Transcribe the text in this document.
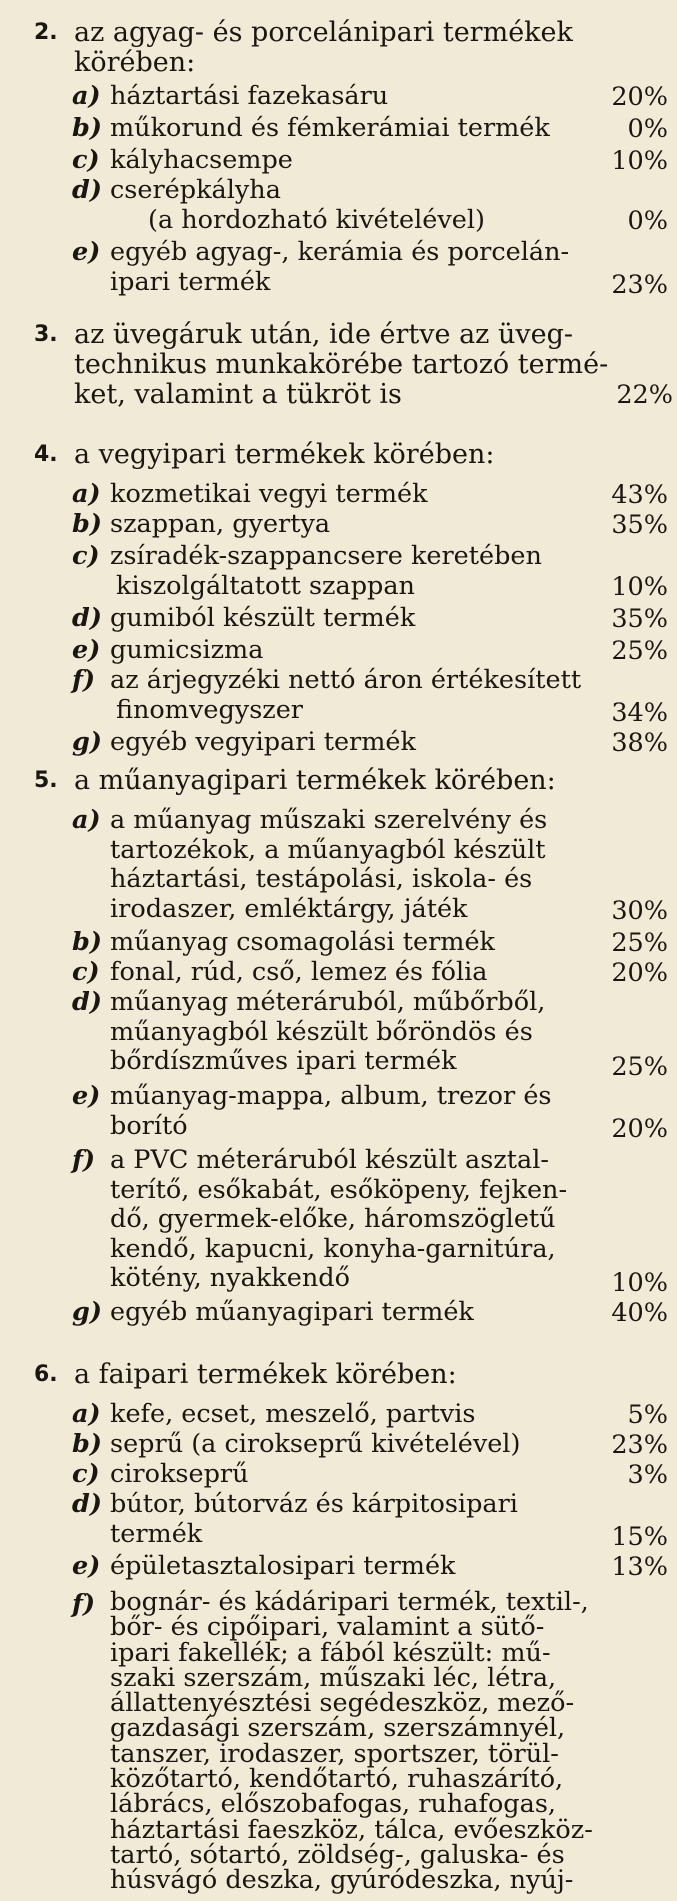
2. az agyag- és porcelánipari termékek
körében:
a) háztartási fazekasáru	20%
b) műkorund és fémkerámiai termék	0%
c) kályhacsempe	10%
d) cserépkályha
(a hordozható kivételével)	0%
e) egyéb agyag-, kerámia és porcelán-
ipari termék	23%
3. az üvegáruk után, ide értve az üveg-
technikus munkakörébe tartozó termé-
ket, valamint a tükröt is	22%
4. a vegyipari termékek körében:
a) kozmetikai vegyi termék	43%
b) szappan, gyertya	35%
c) zsíradék-szappancsere keretében
kiszolgáltatott szappan	10%
d) gumiból készült termék	35%
e) gumicsizma	25%
f) az árjegyzéki nettó áron értékesített
finomvegyszer	34%
g) egyéb vegyipari termék	38%
5. a műanyagipari termékek körében:
a) a műanyag műszaki szerelvény és
tartozékok, a műanyagból készült
háztartási, testápolási, iskola- és
irodaszer, emléktárgy, játék	30%
b) műanyag csomagolási termék	25%
c) fonal, rúd, cső, lemez és fólia	20%
d) műanyag méteráruból, műbőrből,
műanyagból készült bőröndös és
bőrdíszműves ipari termék	25%
e) műanyag-mappa, album, trezor és
borító	20%
f) a PVC méteráruból készült asztal-
terítő, esőkabát, esőköpeny, fejken-
dő, gyermek-előke, háromszögletű
kendő, kapucni, konyha-garnitúra,
kötény, nyakkendő	10%
g) egyéb műanyagipari termék	40%
6. a faipari termékek körében:
a) kefe, ecset, meszelő, partvis	5%
b) seprű (a cirokseprű kivételével)	23%
c) cirokseprű	3%
d) bútor, bútorváz és kárpitosipari
termék	15%
e) épületasztalosipari termék	13%
f) bognár- és kádáripari termék, textil-,
bőr- és cipőipari, valamint a sütő-
ipari fakellék; a fából készült: mű-
szaki szerszám, műszaki léc, létra,
állattenyésztési segédeszköz, mező-
gazdasági szerszám, szerszámnyél,
tanszer, irodaszer, sportszer, törül-
közőtartó, kendőtartó, ruhaszárító,
lábrács, előszobafogas, ruhafogas,
háztartási faeszköz, tálca, evőeszköz-
tartó, sótartó, zöldség-, galuska- és
húsvágó deszka, gyúródeszka, nyúj-
